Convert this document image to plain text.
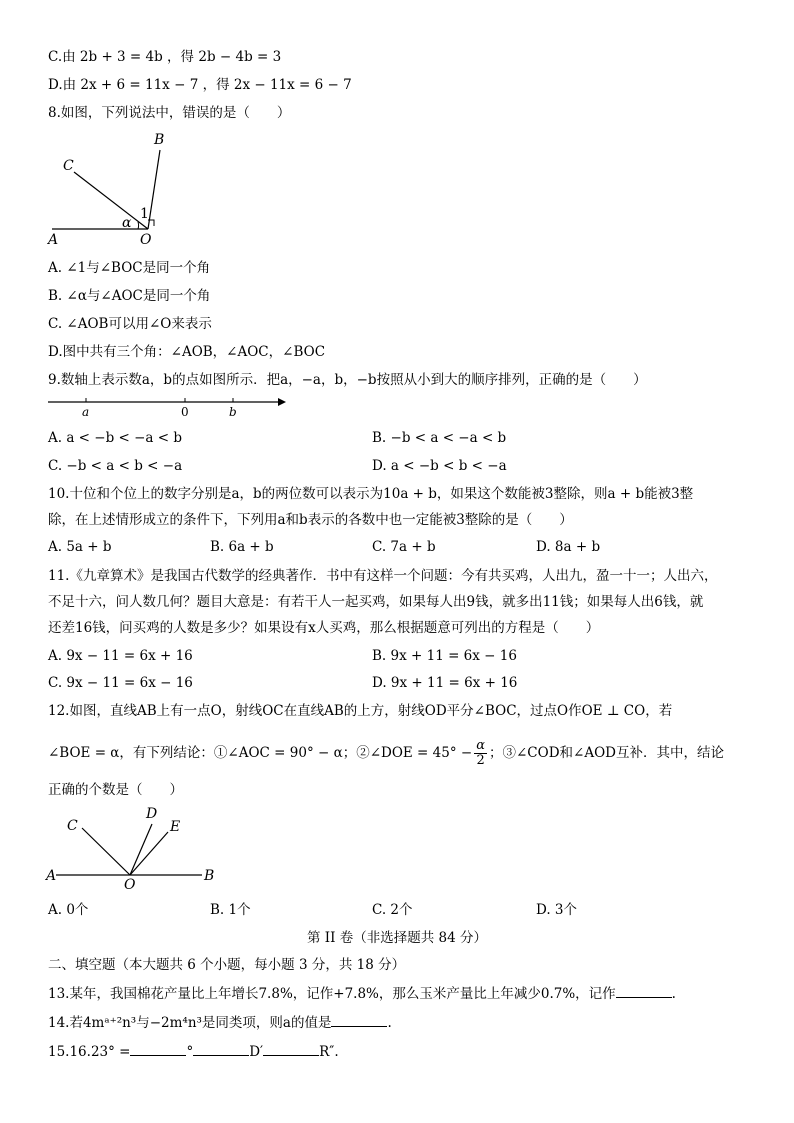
C.由 2b + 3 = 4b ，得 2b − 4b = 3
D.由 2x + 6 = 11x − 7 ，得 2x − 11x = 6 − 7
8.如图，下列说法中，错误的是（　　）
A	O
B
C
α
1
A. ∠1与∠BOC是同一个角
B. ∠α与∠AOC是同一个角
C. ∠AOB可以用∠O来表示
D.图中共有三个角：∠AOB，∠AOC，∠BOC
9.数轴上表示数a，b的点如图所示．把a，−a，b，−b按照从小到大的顺序排列，正确的是（　　）
a	0	b
A. a < −b < −a < b	B. −b < a < −a < b
C. −b < a < b < −a	D. a < −b < b < −a
10.十位和个位上的数字分别是a，b的两位数可以表示为10a + b，如果这个数能被3整除，则a + b能被3整
除，在上述情形成立的条件下，下列用a和b表示的各数中也一定能被3整除的是（　　）
A. 5a + b	B. 6a + b	C. 7a + b	D. 8a + b
11.《九章算术》是我国古代数学的经典著作．书中有这样一个问题：今有共买鸡，人出九，盈一十一；人出六，
不足十六，问人数几何？题目大意是：有若干人一起买鸡，如果每人出9钱，就多出11钱；如果每人出6钱，就
还差16钱，问买鸡的人数是多少？如果设有x人买鸡，那么根据题意可列出的方程是（　　）
A. 9x − 11 = 6x + 16	B. 9x + 11 = 6x − 16
C. 9x − 11 = 6x − 16	D. 9x + 11 = 6x + 16
12.如图，直线AB上有一点O，射线OC在直线AB的上方，射线OD平分∠BOC，过点O作OE ⊥ CO，若
∠BOE = α，有下列结论：①∠AOC = 90° − α；②∠DOE = $45^\circ - \frac{\alpha}{2}$ ；③∠COD和∠AOD互补．其中，结论
正确的个数是（　　）
A	B
C
D
E
O
A. 0个	B. 1个	C. 2个	D. 3个
第 II 卷（非选择题共 84 分）
二、填空题（本大题共 6 个小题，每小题 3 分，共 18 分）
13.某年，我国棉花产量比上年增长7.8%，记作+7.8%，那么玉米产量比上年减少0.7%，记作	.
14.若4mᵃ⁺²n³与−2m⁴n³是同类项，则a的值是	.
15.16.23° =	°	D′	R″.
